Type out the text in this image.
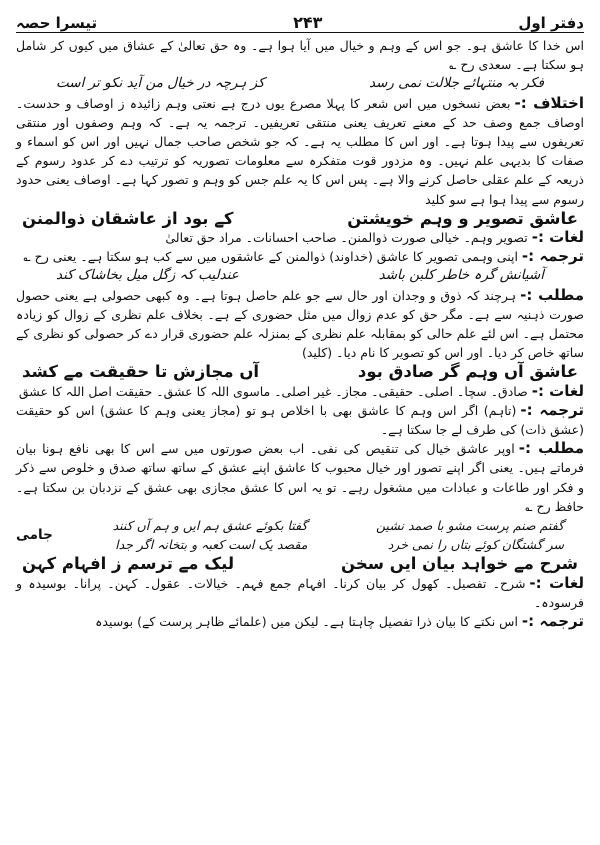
دفتر اول
۲۴۳
تیسرا حصہ
اس خدا کا عاشق ہو۔ جو اس کے وہم و خیال میں آیا ہوا ہے۔ وہ حق تعالیٰ کے عشاق میں کیوں کر شامل ہو سکتا ہے۔ سعدی رح ؎
فکر بہ منتہائے جلالت نمی رسد
کز ہرچہ در خیال من آید نکو تر است
اختلاف :-بعض نسخوں میں اس شعر کا پہلا مصرع یوں درج ہے نعتی وہم زائیدہ ز اوصاف و حدست۔ اوصاف جمع وصف حد کے معنے تعریف یعنی منتقی تعریفیں۔ ترجمہ یہ ہے۔ کہ وہم وصفوں اور منتقی تعریفوں سے پیدا ہوتا ہے۔ اور اس کا مطلب یہ ہے۔ کہ جو شخص صاحب جمال نہیں اور اس کو اسماء و صفات کا بدیہی علم نہیں۔ وہ مزدور قوت متفکرہ سے معلومات تصوریہ کو ترتیب دے کر عدود رسوم کے ذریعہ کے علم عقلی حاصل کرنے والا ہے۔ پس اس کا یہ علم جس کو وہم و تصور کہا ہے۔ اوصاف یعنی حدود رسوم سے پیدا ہوا ہے سو کلید
عاشق تصویر و وہم خویشتن
کے بود از عاشقان ذوالمنن
لغات :-تصویر وہم۔ خیالی صورت ذوالمنن۔ صاحب احسانات۔ مراد حق تعالیٰ
ترجمہ :-اپنی وہمی تصویر کا عاشق (خداوند) ذوالمنن کے عاشقوں میں سے کب ہو سکتا ہے۔ یعنی رح ؎
آشیانش گرہ خاطر کلبن باشد
عندلیب کہ زگل میل بخاشاک کند
مطلب :-ہرچند کہ ذوق و وجدان اور حال سے جو علم حاصل ہوتا ہے۔ وہ کبھی حصولی ہے یعنی حصول صورت ذہنیہ سے ہے۔ مگر حق کو عدم زوال میں مثل حضوری کے ہے۔ بخلاف علم نظری کے زوال کو زیادہ محتمل ہے۔ اس لئے علم حالی کو بمقابلہ علم نظری کے بمنزلہ علم حضوری قرار دے کر حصولی کو نظری کے ساتھ خاص کر دیا۔ اور اس کو تصویر کا نام دیا۔ (کلید)
عاشق آں وہم گر صادق بود
آں مجازش تا حقیقت مے کشد
لغات :-صادق۔ سچا۔ اصلی۔ حقیقی۔ مجاز۔ غیر اصلی۔ ماسوی اللہ کا عشق۔ حقیقت اصل اللہ کا عشق
ترجمہ :-(تاہم) اگر اس وہم کا عاشق بھی با اخلاص ہو تو (مجاز یعنی وہم کا عشق) اس کو حقیقت (عشق ذات) کی طرف لے جا سکتا ہے۔
مطلب :-اوپر عاشق خیال کی تنقیص کی نفی۔ اب بعض صورتوں میں سے اس کا بھی نافع ہونا بیان فرماتے ہیں۔ یعنی اگر اپنے تصور اور خیال محبوب کا عاشق اپنے عشق کے ساتھ ساتھ صدق و خلوص سے ذکر و فکر اور طاعات و عبادات میں مشغول رہے۔ تو یہ اس کا عشق مجازی بھی عشق کے نزدبان بن سکتا ہے۔ حافظ رح ؎
گفتم صنم پرست مشو با صمد نشین
گفتا بکوئے عشق ہم ایں و ہم آں کنند
سر گشتگان کوئے بتاں را نمی خرد
مقصد یک است کعبہ و بتخانہ اگر جدا
جامی
شرح مے خواہد بیان ایں سخن
لیک مے ترسم ز افہام کہن
لغات :-شرح۔ تفصیل۔ کھول کر بیان کرنا۔ افہام جمع فہم۔ خیالات۔ عقول۔ کہن۔ پرانا۔ بوسیدہ و فرسودہ۔
ترجمہ :-اس نکتے کا بیان ذرا تفصیل چاہتا ہے۔ لیکن میں (علمائے ظاہر پرست کے) بوسیدہ
